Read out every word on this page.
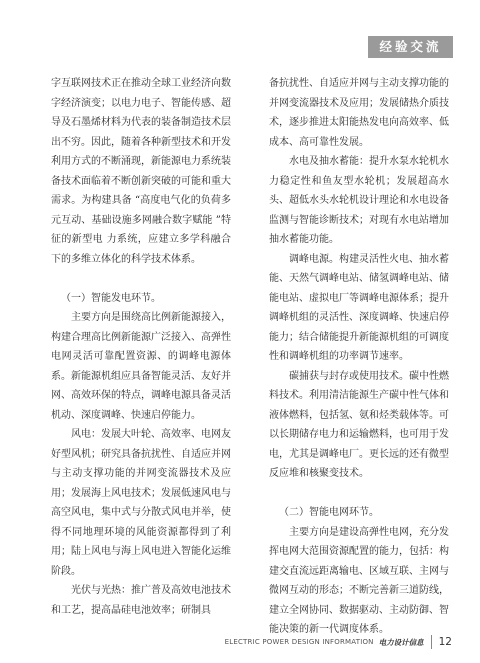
经验交流

字互联网技术正在推动全球工业经济向数字经济演变；以电力电子、智能传感、超导及石墨烯材料为代表的装备制造技术层出不穷。因此，随着各种新型技术和开发利用方式的不断涌现，新能源电力系统装备技术面临着不断创新突破的可能和重大需求。为构建具备 “高度电气化的负荷多元互动、基础设施多网融合数字赋能 ”特征的新型电 力系统，应建立多学科融合下的多维立体化的科学技术体系。

（一）智能发电环节。

主要方向是围绕高比例新能源接入，构建合理高比例新能源广泛接入、高弹性电网灵活可靠配置资源、的调峰电源体系。新能源机组应具备智能灵活、友好并网、高效环保的特点，调峰电源具备灵活机动、深度调峰、快速启停能力。

风电：发展大叶轮、高效率、电网友好型风机；研究具备抗扰性、自适应并网与主动支撑功能的并网变流器技术及应用；发展海上风电技术；发展低速风电与高空风电，集中式与分散式风电并举，使得不同地理环境的风能资源都得到了利用；陆上风电与海上风电进入智能化运维阶段。

光伏与光热：推广普及高效电池技术和工艺，提高晶硅电池效率；研制具

备抗扰性、自适应并网与主动支撑功能的并网变流器技术及应用；发展储热介质技术，逐步推进太阳能热发电向高效率、低成本、高可靠性发展。

水电及抽水蓄能：提升水泵水轮机水力稳定性和鱼友型水轮机；发展超高水头、超低水头水轮机设计理论和水电设备监测与智能诊断技术；对现有水电站增加抽水蓄能功能。

调峰电源。构建灵活性火电、抽水蓄能、天然气调峰电站、储氢调峰电站、储能电站、虚拟电厂等调峰电源体系；提升调峰机组的灵活性、深度调峰、快速启停能力；结合储能提升新能源机组的可调度性和调峰机组的功率调节速率。

碳捕获与封存或使用技术。碳中性燃料技术。利用清洁能源生产碳中性气体和液体燃料，包括氢、氨和烃类载体等。可以长期储存电力和运输燃料，也可用于发电，尤其是调峰电厂。更长远的还有微型反应堆和核聚变技术。

（二）智能电网环节。

主要方向是建设高弹性电网，充分发挥电网大范围资源配置的能力，包括：构建交直流远距离输电、区域互联、主网与微网互动的形态；不断完善新三道防线，建立全网协同、数据驱动、主动防御、智能决策的新一代调度体系。

ELECTRIC POWER DESIGN INFORMATION 电力设计信息 12
